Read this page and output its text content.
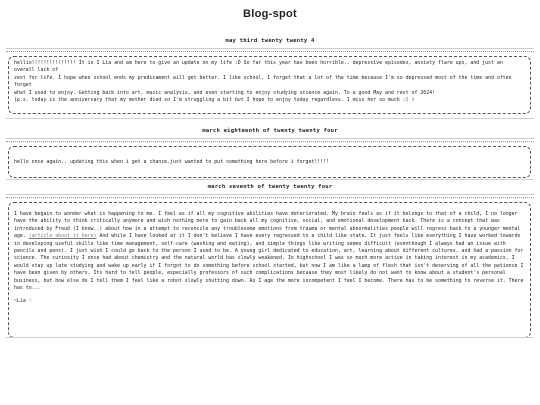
Blog-spot
may third twenty twenty 4

hellio!!!!!!!!!!!!!!! It is I Lia and am here to give an update on my life :D So far this year has been horrible.. depressive episodes, anxiety flare ups, and just an overall lack of

zest for life. I hope when school ends my predicament will get better. I like school, I forget that a lot of the time because I'm so depressed most of the time and often forget

what I used to enjoy. Getting back into art, music analysis, and even starting to enjoy studying science again. To a good May and rest of 2024!

(p.s. today is the anniversary that my mother died so I'm struggling a bit but I hope to enjoy today regardless. I miss her so much :( )

march eighteenth of twenty twenty four

hello once again.. updating this when i get a chance.just wanted to put something here before i forget!!!!!

march seventh of twenty twenty four

I have begain to wonder what is happening to me. I feel as if all my cognitive abilities have deteriorated. My brain feels as if it belongs to that of a child, I no longer have the ability to think critically anymore and wish nothing more to gain back all my cognitive, social, and emotional development back. There is a concept that was introduced by Freud (I know..) about how in a attempt to reconcile any troublesome emotions from trauma or mental abnormalities people will regress back to a younger mental age. (article about it here) And while I have looked at it I don't believe I have every regressed to a child like state, It just feels like everything I have worked towards in developing useful skills like time management, self-care (washing and eating), and simple things like writing seems difficult (eventhough I always had an issue with pencils and pens). I just wish I could go back to the person I used to be. A young girl dedicated to education, art, learning about different cultures, and had a passion for science. The curiosity I once had about chemistry and the natural world has slowly weakened. In highschool I was so much more active in taking interest in my academics, I would stay up late studying and wake up early if I forgot to do something before school started, but now I am like a lump of flesh that isn't deserving of all the patience I have been given by others. Its hard to tell people, especially professors of such complications becuase they most likely do not want to know about a student's personal business, but how else do I tell them I feel like a robot slowly shutting down. As I age the more incompetent I feel I become. There has to be something to reverse it. There has to...

~Lia ♡
